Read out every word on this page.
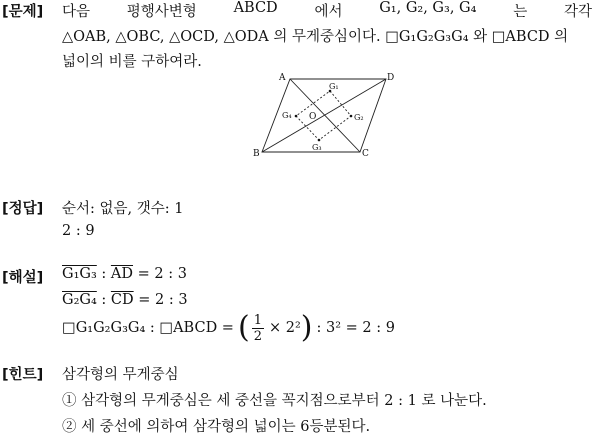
[문제] 다음	평행사변형	ABCD	에서	G₁, G₂, G₃, G₄	는	각각
△OAB, △OBC, △OCD, △ODA 의 무게중심이다. □G₁G₂G₃G₄ 와 □ABCD 의
넓이의 비를 구하여라.
A	D
B	C
O
G₁
G₂
G₃
G₄
[정답] 순서: 없음, 갯수: 1
2 : 9
[해설] G₁G₃ : $\overline{AD} = 2$ : 3
G₂G₄ : $\overline{CD} = 2$ : 3
□G₁G₂G₃G₄ : □ABCD = ( $\frac{1}{2} \times 2^2$ ) : 3² = 2 : 9
[힌트] 삼각형의 무게중심
① 삼각형의 무게중심은 세 중선을 꼭지점으로부터 2 : 1 로 나눈다.
② 세 중선에 의하여 삼각형의 넓이는 6등분된다.
